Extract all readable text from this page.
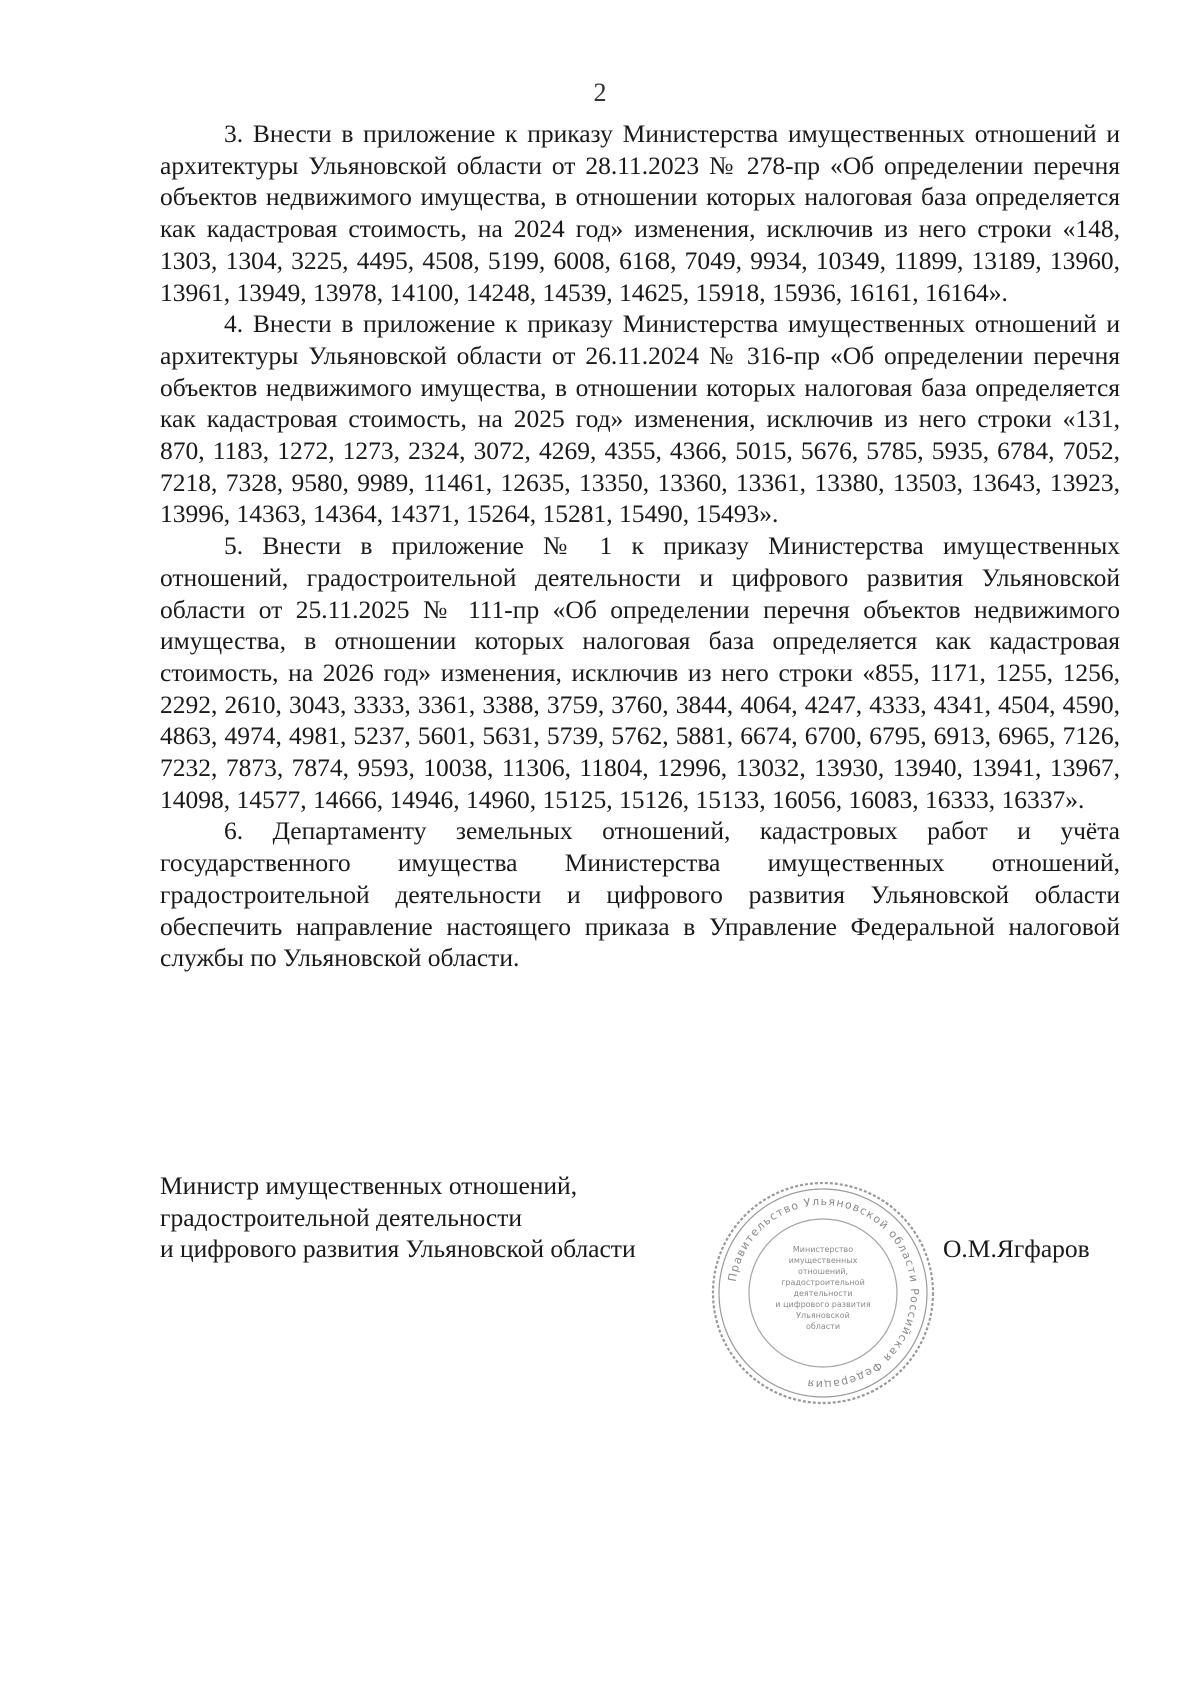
2

3. Внести в приложение к приказу Министерства имущественных отношений и архитектуры Ульяновской области от 28.11.2023 № 278-пр «Об определении перечня объектов недвижимого имущества, в отношении которых налоговая база определяется как кадастровая стоимость, на 2024 год» изменения, исключив из него строки «148, 1303, 1304, 3225, 4495, 4508, 5199, 6008, 6168, 7049, 9934, 10349, 11899, 13189, 13960, 13961, 13949, 13978, 14100, 14248, 14539, 14625, 15918, 15936, 16161, 16164».

4. Внести в приложение к приказу Министерства имущественных отношений и архитектуры Ульяновской области от 26.11.2024 № 316-пр «Об определении перечня объектов недвижимого имущества, в отношении которых налоговая база определяется как кадастровая стоимость, на 2025 год» изменения, исключив из него строки «131, 870, 1183, 1272, 1273, 2324, 3072, 4269, 4355, 4366, 5015, 5676, 5785, 5935, 6784, 7052, 7218, 7328, 9580, 9989, 11461, 12635, 13350, 13360, 13361, 13380, 13503, 13643, 13923, 13996, 14363, 14364, 14371, 15264, 15281, 15490, 15493».

5. Внести в приложение № 1 к приказу Министерства имущественных отношений, градостроительной деятельности и цифрового развития Ульяновской области от 25.11.2025 № 111-пр «Об определении перечня объектов недвижимого имущества, в отношении которых налоговая база определяется как кадастровая стоимость, на 2026 год» изменения, исключив из него строки «855, 1171, 1255, 1256, 2292, 2610, 3043, 3333, 3361, 3388, 3759, 3760, 3844, 4064, 4247, 4333, 4341, 4504, 4590, 4863, 4974, 4981, 5237, 5601, 5631, 5739, 5762, 5881, 6674, 6700, 6795, 6913, 6965, 7126, 7232, 7873, 7874, 9593, 10038, 11306, 11804, 12996, 13032, 13930, 13940, 13941, 13967, 14098, 14577, 14666, 14946, 14960, 15125, 15126, 15133, 16056, 16083, 16333, 16337».

6. Департаменту земельных отношений, кадастровых работ и учёта государственного имущества Министерства имущественных отношений, градостроительной деятельности и цифрового развития Ульяновской области обеспечить направление настоящего приказа в Управление Федеральной налоговой службы по Ульяновской области.

Министр имущественных отношений,
градостроительной деятельности
и цифрового развития Ульяновской области
Правительство Ульяновской области Российская Федерация
Министерство
имущественных
отношений,
градостроительной
деятельности
и цифрового развития
Ульяновской
области
О.М.Ягфаров
